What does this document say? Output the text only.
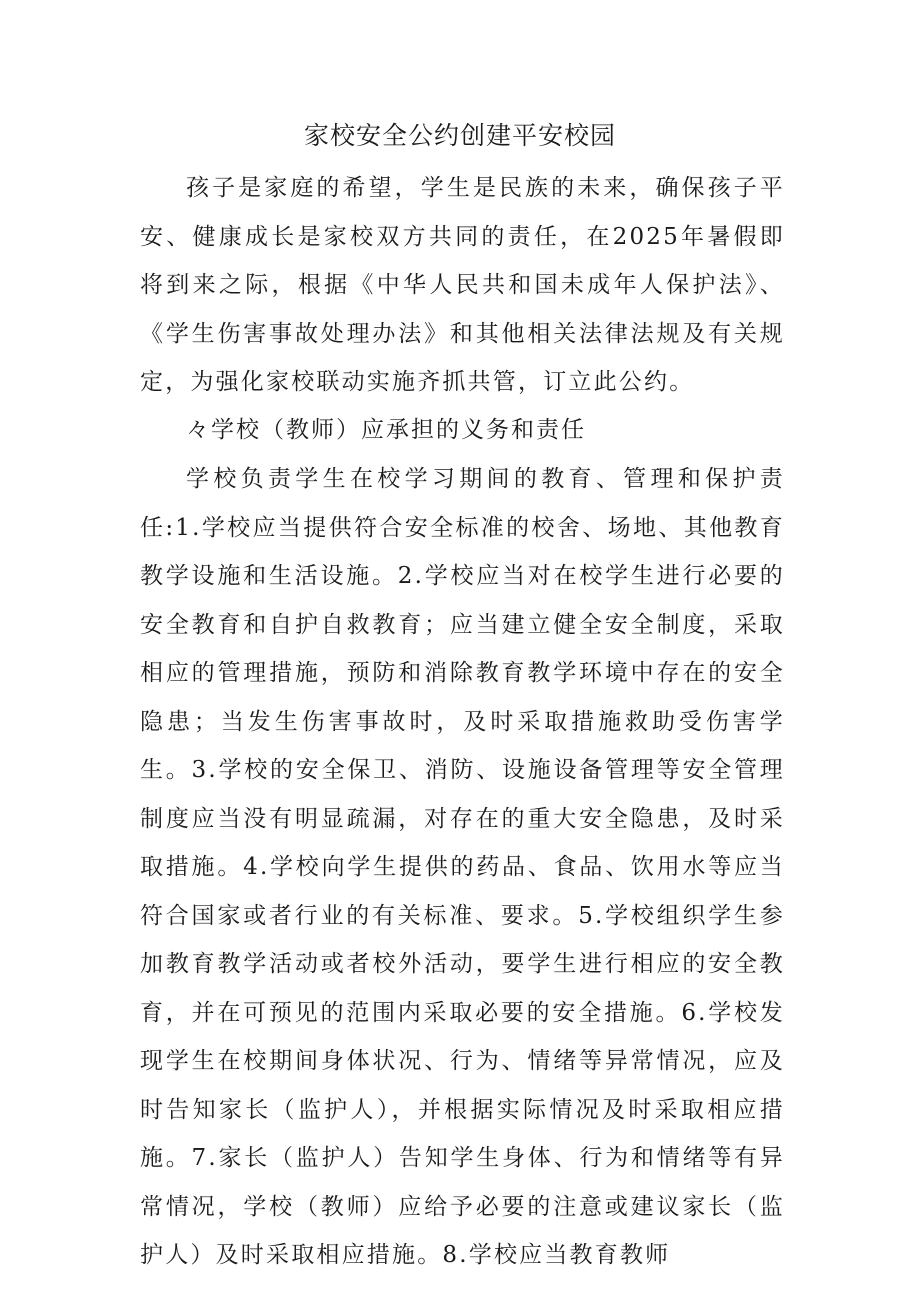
家校安全公约创建平安校园

孩子是家庭的希望，学生是民族的未来，确保孩子平安、健康成长是家校双方共同的责任，在2025年暑假即将到来之际，根据《中华人民共和国未成年人保护法》、《学生伤害事故处理办法》和其他相关法律法规及有关规定，为强化家校联动实施齐抓共管，订立此公约。

々学校（教师）应承担的义务和责任

学校负责学生在校学习期间的教育、管理和保护责任:1.学校应当提供符合安全标准的校舍、场地、其他教育教学设施和生活设施。2.学校应当对在校学生进行必要的安全教育和自护自救教育；应当建立健全安全制度，采取相应的管理措施，预防和消除教育教学环境中存在的安全隐患；当发生伤害事故时，及时采取措施救助受伤害学生。3.学校的安全保卫、消防、设施设备管理等安全管理制度应当没有明显疏漏，对存在的重大安全隐患，及时采取措施。4.学校向学生提供的药品、食品、饮用水等应当符合国家或者行业的有关标准、要求。5.学校组织学生参加教育教学活动或者校外活动，要学生进行相应的安全教育，并在可预见的范围内采取必要的安全措施。6.学校发现学生在校期间身体状况、行为、情绪等异常情况，应及时告知家长（监护人），并根据实际情况及时采取相应措施。7.家长（监护人）告知学生身体、行为和情绪等有异常情况，学校（教师）应给予必要的注意或建议家长（监护人）及时采取相应措施。8.学校应当教育教师
